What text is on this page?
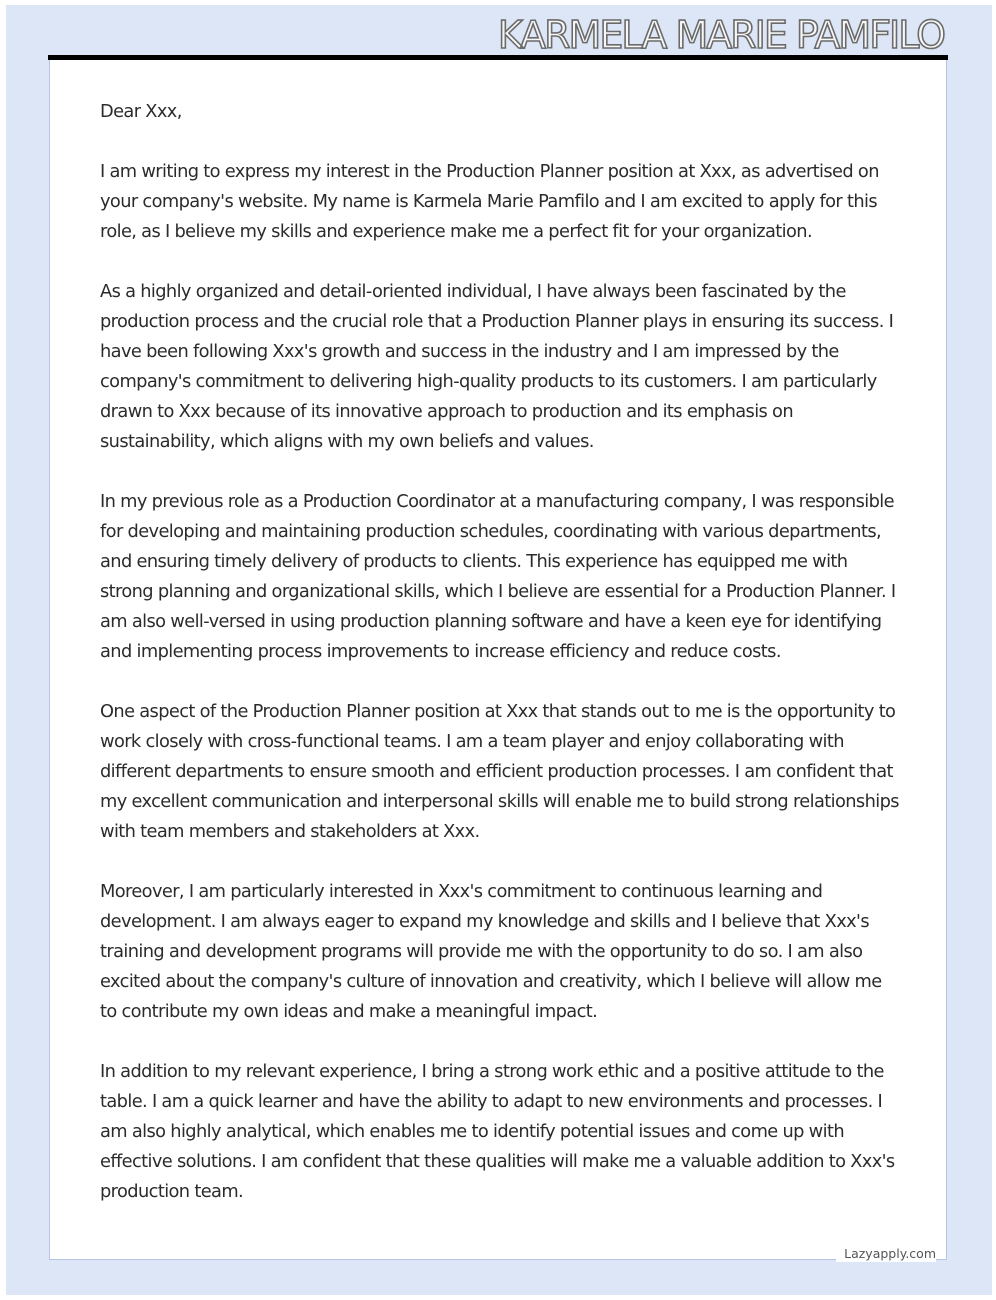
KARMELA MARIE PAMFILO

Dear Xxx,

I am writing to express my interest in the Production Planner position at Xxx, as advertised on your company's website. My name is Karmela Marie Pamfilo and I am excited to apply for this role, as I believe my skills and experience make me a perfect fit for your organization.

As a highly organized and detail-oriented individual, I have always been fascinated by the production process and the crucial role that a Production Planner plays in ensuring its success. I have been following Xxx's growth and success in the industry and I am impressed by the company's commitment to delivering high-quality products to its customers. I am particularly drawn to Xxx because of its innovative approach to production and its emphasis on sustainability, which aligns with my own beliefs and values.

In my previous role as a Production Coordinator at a manufacturing company, I was responsible for developing and maintaining production schedules, coordinating with various departments, and ensuring timely delivery of products to clients. This experience has equipped me with strong planning and organizational skills, which I believe are essential for a Production Planner. I am also well-versed in using production planning software and have a keen eye for identifying and implementing process improvements to increase efficiency and reduce costs.

One aspect of the Production Planner position at Xxx that stands out to me is the opportunity to work closely with cross-functional teams. I am a team player and enjoy collaborating with different departments to ensure smooth and efficient production processes. I am confident that my excellent communication and interpersonal skills will enable me to build strong relationships with team members and stakeholders at Xxx.

Moreover, I am particularly interested in Xxx's commitment to continuous learning and development. I am always eager to expand my knowledge and skills and I believe that Xxx's training and development programs will provide me with the opportunity to do so. I am also excited about the company's culture of innovation and creativity, which I believe will allow me to contribute my own ideas and make a meaningful impact.

In addition to my relevant experience, I bring a strong work ethic and a positive attitude to the table. I am a quick learner and have the ability to adapt to new environments and processes. I am also highly analytical, which enables me to identify potential issues and come up with effective solutions. I am confident that these qualities will make me a valuable addition to Xxx's production team.

Lazyapply.com
